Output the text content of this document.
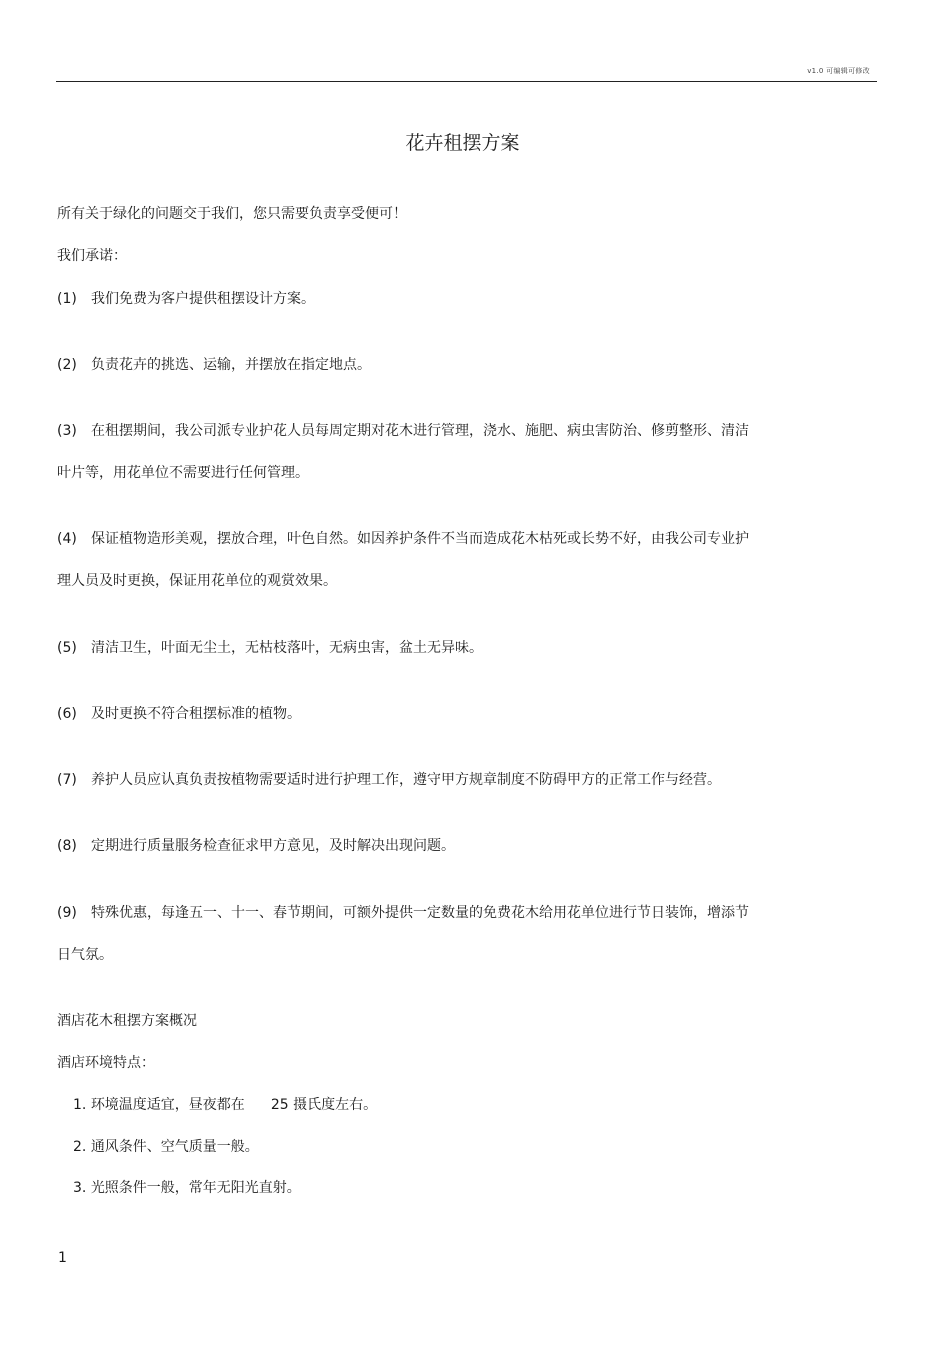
v1.0 可编辑可修改
花卉租摆方案
所有关于绿化的问题交于我们，您只需要负责享受便可！
我们承诺：
(1) 我们免费为客户提供租摆设计方案。
(2) 负责花卉的挑选、运输，并摆放在指定地点。
(3) 在租摆期间，我公司派专业护花人员每周定期对花木进行管理，浇水、施肥、病虫害防治、修剪整形、清洁
叶片等，用花单位不需要进行任何管理。
(4) 保证植物造形美观，摆放合理，叶色自然。如因养护条件不当而造成花木枯死或长势不好，由我公司专业护
理人员及时更换，保证用花单位的观赏效果。
(5) 清洁卫生，叶面无尘土，无枯枝落叶，无病虫害，盆土无异味。
(6) 及时更换不符合租摆标准的植物。
(7) 养护人员应认真负责按植物需要适时进行护理工作，遵守甲方规章制度不防碍甲方的正常工作与经营。
(8) 定期进行质量服务检查征求甲方意见，及时解决出现问题。
(9) 特殊优惠，每逢五一、十一、春节期间，可额外提供一定数量的免费花木给用花单位进行节日装饰，增添节
日气氛。
酒店花木租摆方案概况
酒店环境特点：
1. 环境温度适宜，昼夜都在 25 摄氏度左右。
2. 通风条件、空气质量一般。
3. 光照条件一般，常年无阳光直射。
1
